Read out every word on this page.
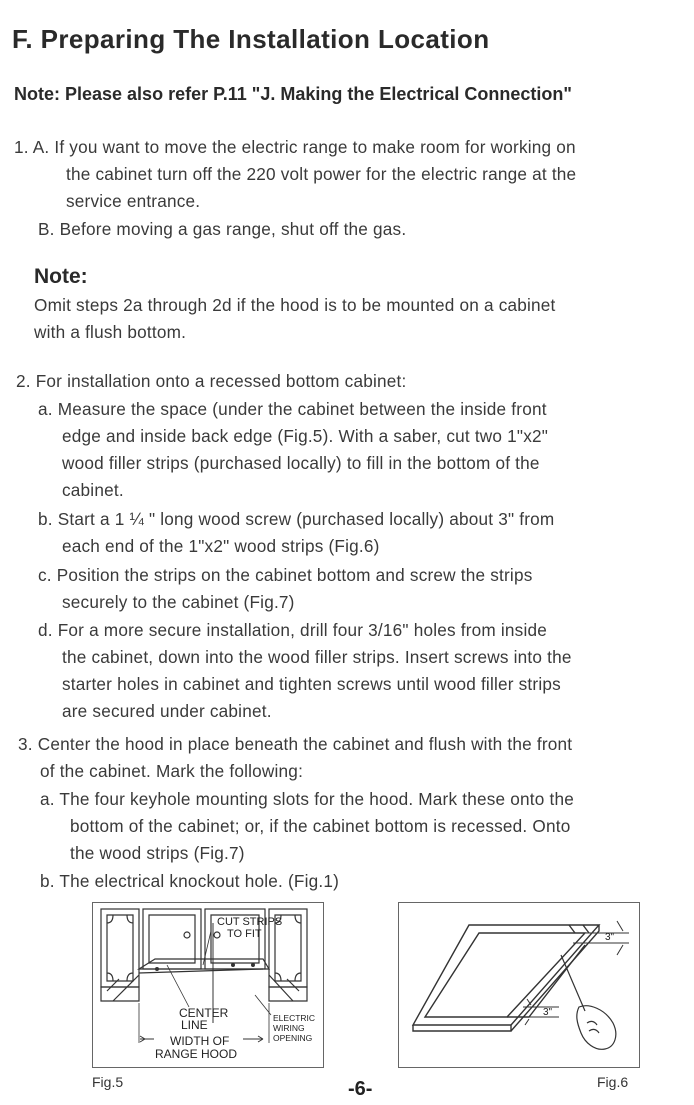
F. Preparing The Installation Location
Note: Please also refer P.11 "J. Making the Electrical Connection"
1. A. If you want to move the electric range to make room for working on
the cabinet turn off the 220 volt power for the electric range at the
service entrance.
B. Before moving a gas range, shut off the gas.
Note:
Omit steps 2a through 2d if the hood is to be mounted on a cabinet
with a flush bottom.
2. For installation onto a recessed bottom cabinet:
a. Measure the space (under the cabinet between the inside front
edge and inside back edge (Fig.5). With a saber, cut two 1"x2"
wood filler strips (purchased locally) to fill in the bottom of the
cabinet.
b. Start a 1 ¼ " long wood screw (purchased locally) about 3" from
each end of the 1"x2" wood strips (Fig.6)
c. Position the strips on the cabinet bottom and screw the strips
securely to the cabinet (Fig.7)
d. For a more secure installation, drill four 3/16" holes from inside
the cabinet, down into the wood filler strips. Insert screws into the
starter holes in cabinet and tighten screws until wood filler strips
are secured under cabinet.
3. Center the hood in place beneath the cabinet and flush with the front
of the cabinet. Mark the following:
a. The four keyhole mounting slots for the hood. Mark these onto the
bottom of the cabinet; or, if the cabinet bottom is recessed. Onto
the wood strips (Fig.7)
b. The electrical knockout hole. (Fig.1)
CUT STRIPS
TO FIT
CENTER
LINE
WIDTH OF
RANGE HOOD
ELECTRIC
WIRING
OPENING
Fig.5
3"
3"
Fig.6
-6-
